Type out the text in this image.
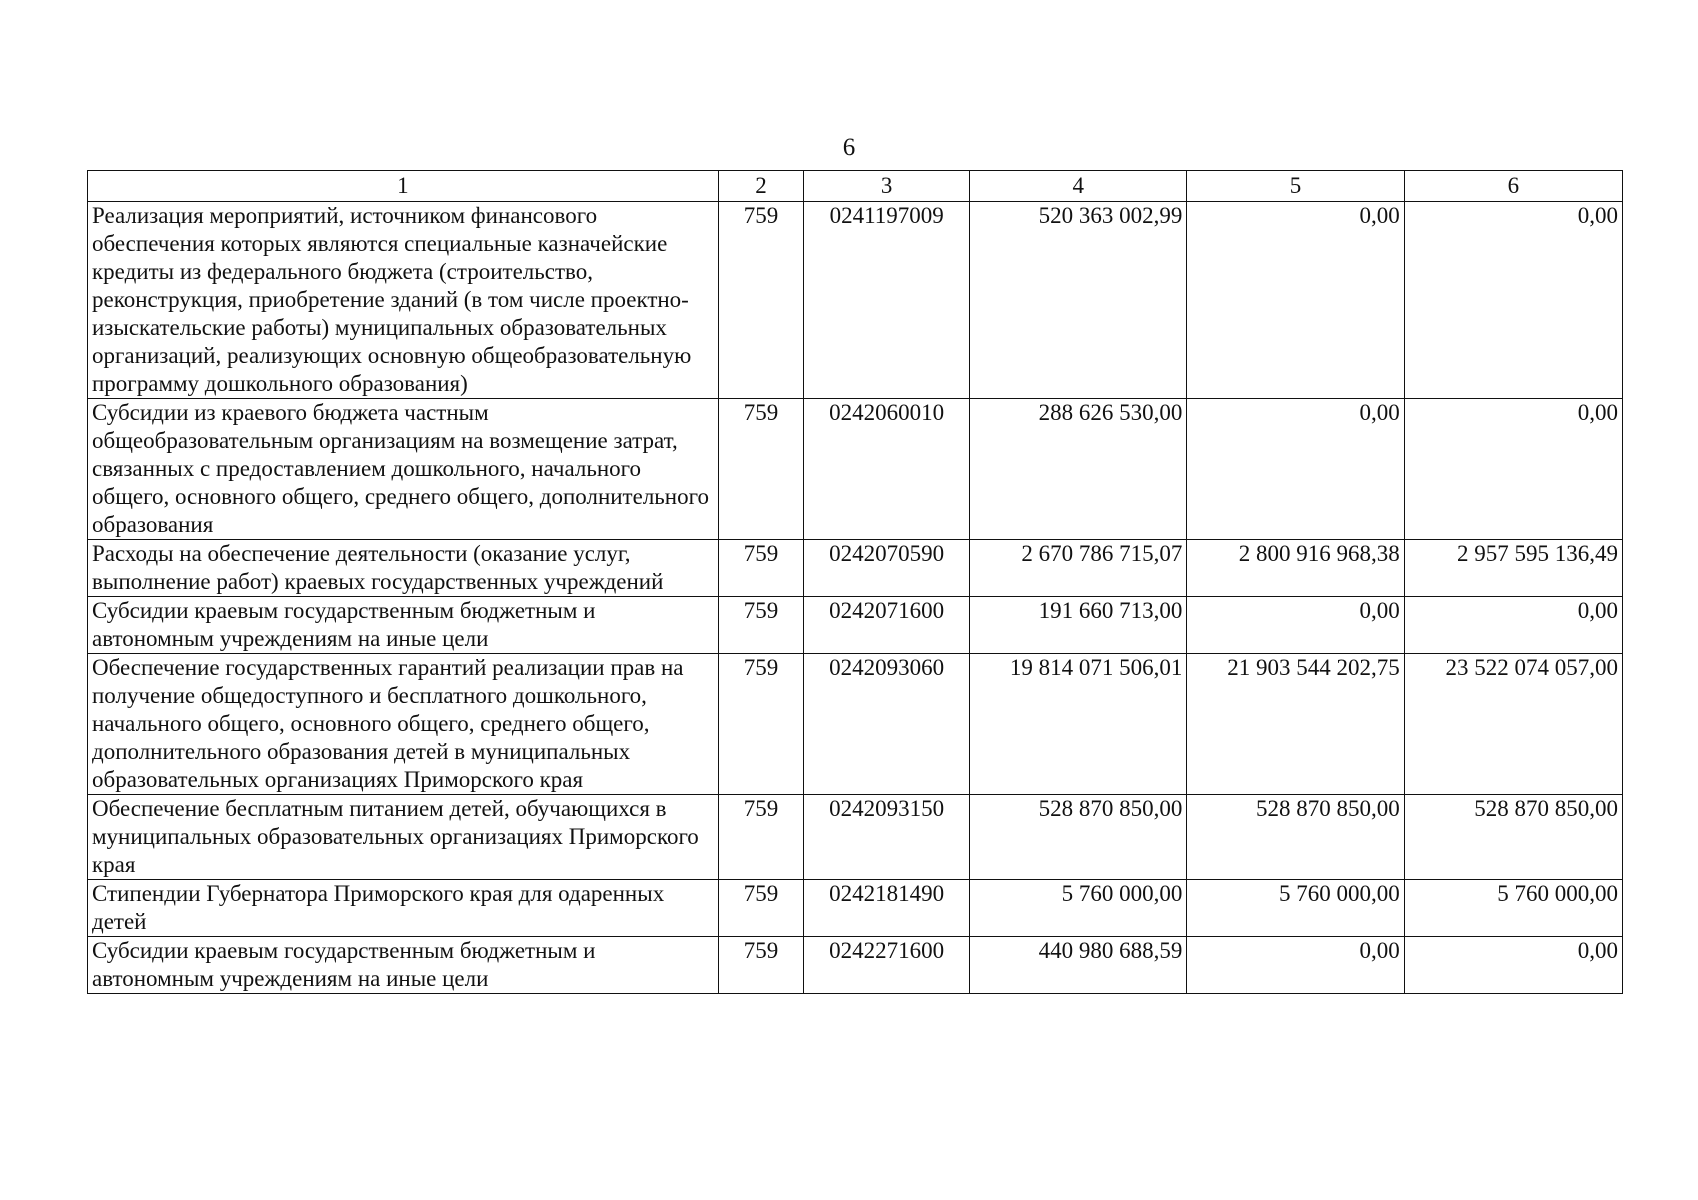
6
1	2	3	4	5	6
Реализация мероприятий, источником финансового обеспечения которых являются специальные казначейские кредиты из федерального бюджета (строительство, реконструкция, приобретение зданий (в том числе проектно-изыскательские работы) муниципальных образовательных организаций, реализующих основную общеобразовательную программу дошкольного образования)	759	0241197009	520 363 002,99	0,00	0,00
Субсидии из краевого бюджета частным общеобразовательным организациям на возмещение затрат, связанных с предоставлением дошкольного, начального общего, основного общего, среднего общего, дополнительного образования	759	0242060010	288 626 530,00	0,00	0,00
Расходы на обеспечение деятельности (оказание услуг, выполнение работ) краевых государственных учреждений	759	0242070590	2 670 786 715,07	2 800 916 968,38	2 957 595 136,49
Субсидии краевым государственным бюджетным и автономным учреждениям на иные цели	759	0242071600	191 660 713,00	0,00	0,00
Обеспечение государственных гарантий реализации прав на получение общедоступного и бесплатного дошкольного, начального общего, основного общего, среднего общего, дополнительного образования детей в муниципальных образовательных организациях Приморского края	759	0242093060	19 814 071 506,01	21 903 544 202,75	23 522 074 057,00
Обеспечение бесплатным питанием детей, обучающихся в муниципальных образовательных организациях Приморского края	759	0242093150	528 870 850,00	528 870 850,00	528 870 850,00
Стипендии Губернатора Приморского края для одаренных детей	759	0242181490	5 760 000,00	5 760 000,00	5 760 000,00
Субсидии краевым государственным бюджетным и автономным учреждениям на иные цели	759	0242271600	440 980 688,59	0,00	0,00
